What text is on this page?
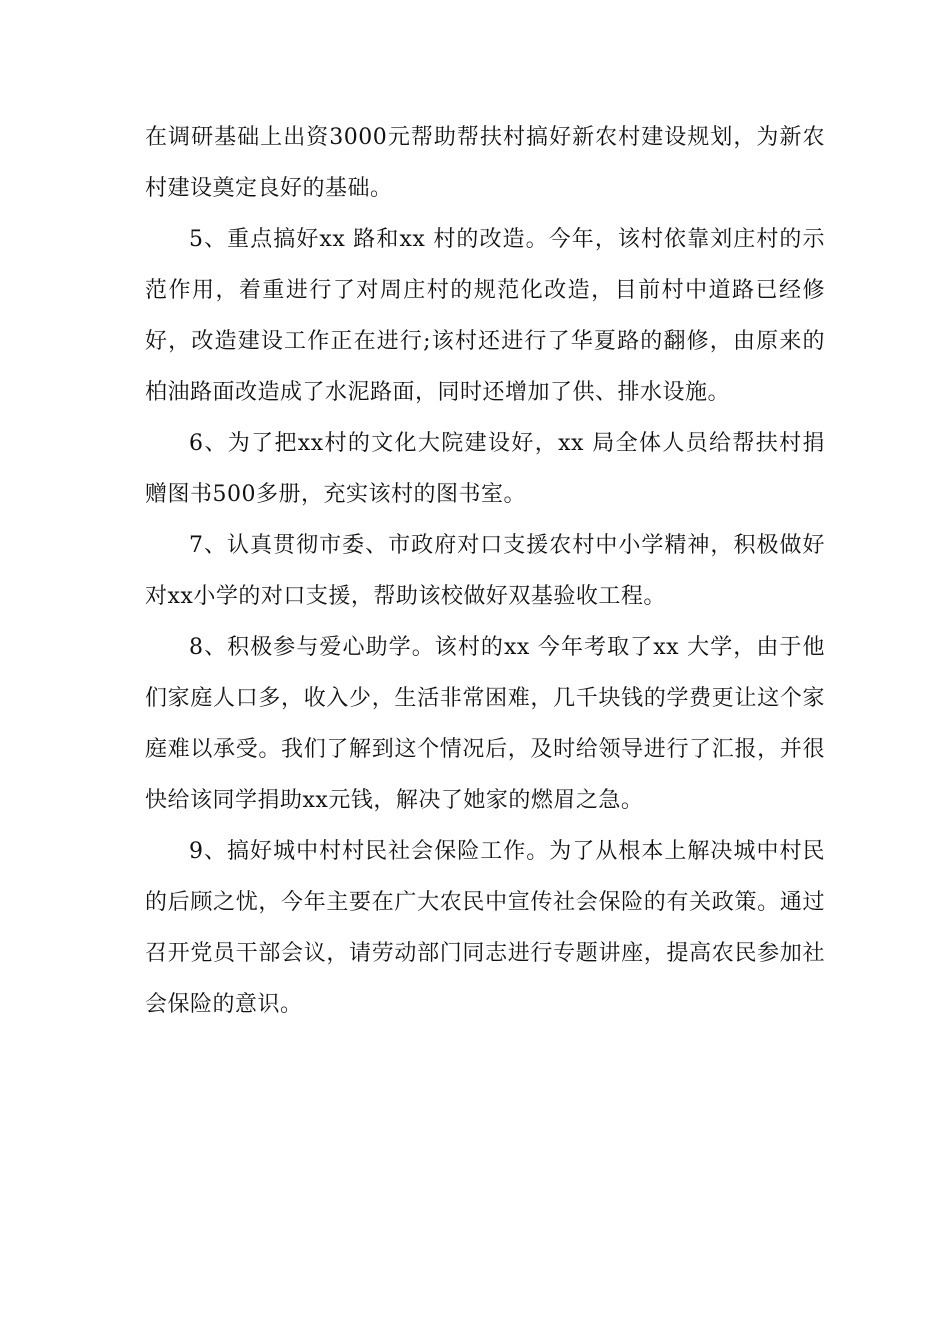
在调研基础上出资3000元帮助帮扶村搞好新农村建设规划，为新农村建设奠定良好的基础。

5、重点搞好xx 路和xx 村的改造。今年，该村依靠刘庄村的示范作用，着重进行了对周庄村的规范化改造，目前村中道路已经修好，改造建设工作正在进行;该村还进行了华夏路的翻修，由原来的柏油路面改造成了水泥路面，同时还增加了供、排水设施。

6、为了把xx村的文化大院建设好，xx 局全体人员给帮扶村捐赠图书500多册，充实该村的图书室。

7、认真贯彻市委、市政府对口支援农村中小学精神，积极做好对xx小学的对口支援，帮助该校做好双基验收工程。

8、积极参与爱心助学。该村的xx 今年考取了xx 大学，由于他们家庭人口多，收入少，生活非常困难，几千块钱的学费更让这个家庭难以承受。我们了解到这个情况后，及时给领导进行了汇报，并很快给该同学捐助xx元钱，解决了她家的燃眉之急。

9、搞好城中村村民社会保险工作。为了从根本上解决城中村民的后顾之忧，今年主要在广大农民中宣传社会保险的有关政策。通过召开党员干部会议，请劳动部门同志进行专题讲座，提高农民参加社会保险的意识。
